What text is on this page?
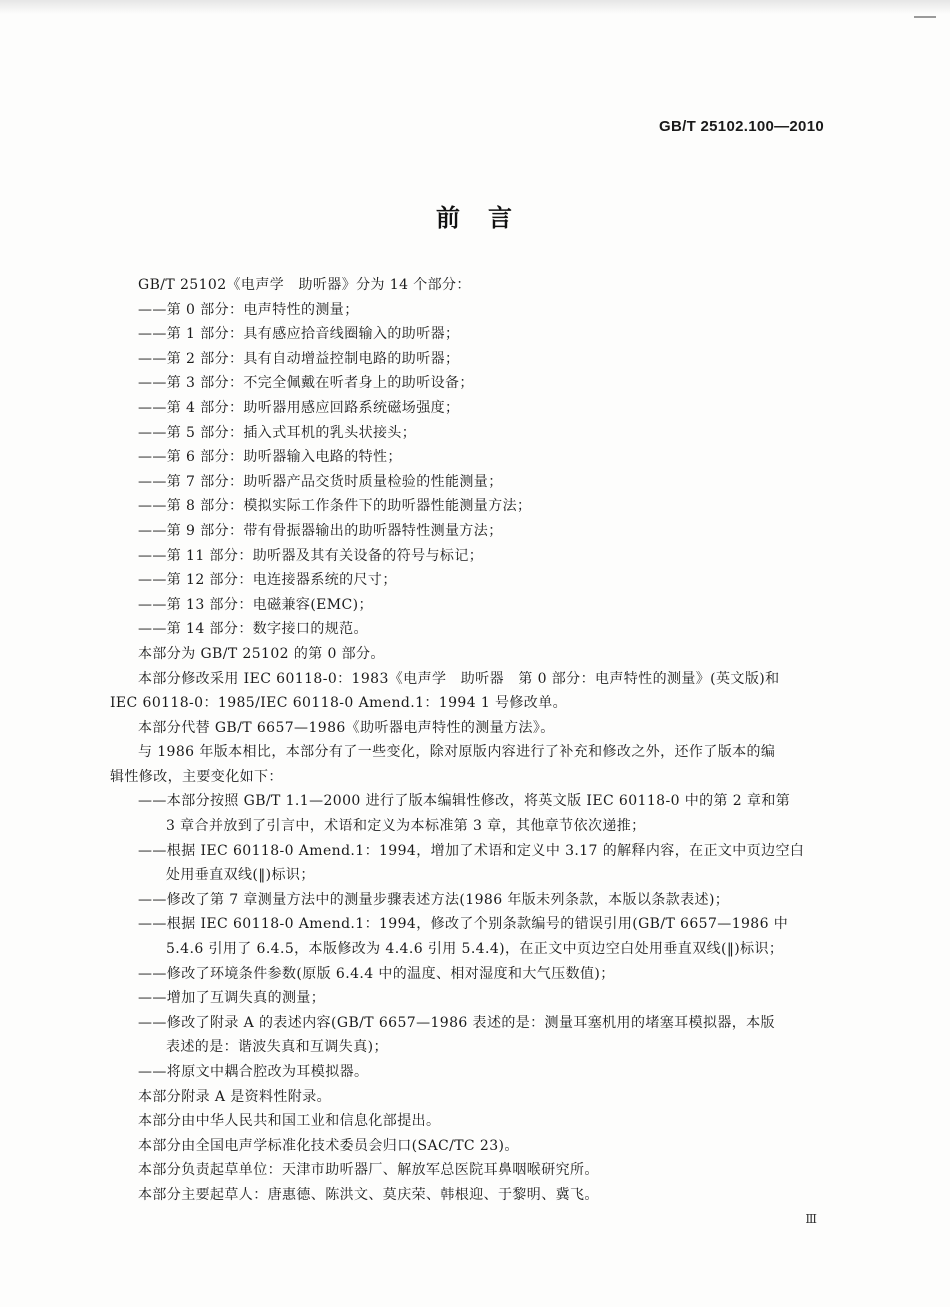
GB/T 25102.100—2010
前　言

GB/T 25102《电声学　助听器》分为 14 个部分：

——第 0 部分：电声特性的测量；

——第 1 部分：具有感应拾音线圈输入的助听器；

——第 2 部分：具有自动增益控制电路的助听器；

——第 3 部分：不完全佩戴在听者身上的助听设备；

——第 4 部分：助听器用感应回路系统磁场强度；

——第 5 部分：插入式耳机的乳头状接头；

——第 6 部分：助听器输入电路的特性；

——第 7 部分：助听器产品交货时质量检验的性能测量；

——第 8 部分：模拟实际工作条件下的助听器性能测量方法；

——第 9 部分：带有骨振器输出的助听器特性测量方法；

——第 11 部分：助听器及其有关设备的符号与标记；

——第 12 部分：电连接器系统的尺寸；

——第 13 部分：电磁兼容(EMC)；

——第 14 部分：数字接口的规范。

本部分为 GB/T 25102 的第 0 部分。

本部分修改采用 IEC 60118-0：1983《电声学　助听器　第 0 部分：电声特性的测量》(英文版)和

IEC 60118-0：1985/IEC 60118-0 Amend.1：1994 1 号修改单。

本部分代替 GB/T 6657—1986《助听器电声特性的测量方法》。

与 1986 年版本相比，本部分有了一些变化，除对原版内容进行了补充和修改之外，还作了版本的编

辑性修改，主要变化如下：

——本部分按照 GB/T 1.1—2000 进行了版本编辑性修改，将英文版 IEC 60118-0 中的第 2 章和第

3 章合并放到了引言中，术语和定义为本标准第 3 章，其他章节依次递推；

——根据 IEC 60118-0 Amend.1：1994，增加了术语和定义中 3.17 的解释内容，在正文中页边空白

处用垂直双线(‖)标识；

——修改了第 7 章测量方法中的测量步骤表述方法(1986 年版未列条款，本版以条款表述)；

——根据 IEC 60118-0 Amend.1：1994，修改了个别条款编号的错误引用(GB/T 6657—1986 中

5.4.6 引用了 6.4.5，本版修改为 4.4.6 引用 5.4.4)，在正文中页边空白处用垂直双线(‖)标识；

——修改了环境条件参数(原版 6.4.4 中的温度、相对湿度和大气压数值)；

——增加了互调失真的测量；

——修改了附录 A 的表述内容(GB/T 6657—1986 表述的是：测量耳塞机用的堵塞耳模拟器，本版

表述的是：谐波失真和互调失真)；

——将原文中耦合腔改为耳模拟器。

本部分附录 A 是资料性附录。

本部分由中华人民共和国工业和信息化部提出。

本部分由全国电声学标准化技术委员会归口(SAC/TC 23)。

本部分负责起草单位：天津市助听器厂、解放军总医院耳鼻咽喉研究所。

本部分主要起草人：唐惠德、陈洪文、莫庆荣、韩根迎、于黎明、冀飞。

Ⅲ
